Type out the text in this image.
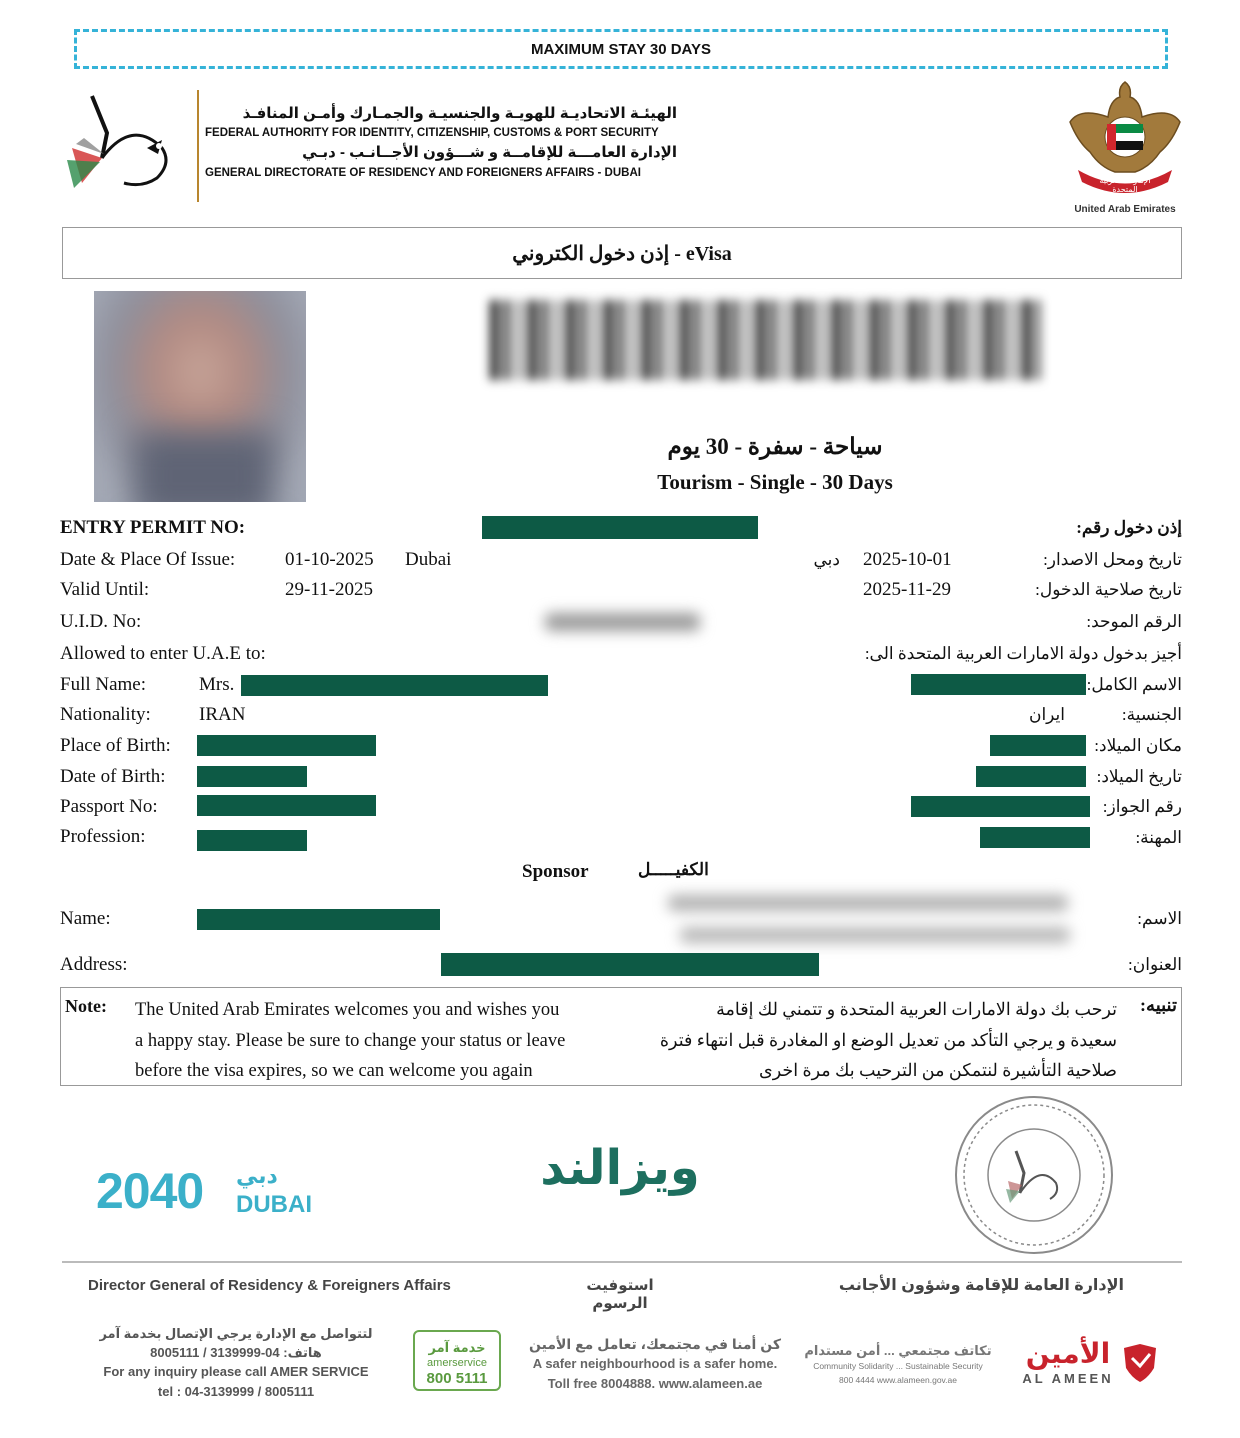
MAXIMUM STAY 30 DAYS
الهيئـة الاتحاديـة للهويـة والجنسيـة والجمـارك وأمـن المنافـذ
FEDERAL AUTHORITY FOR IDENTITY, CITIZENSHIP, CUSTOMS & PORT SECURITY
الإدارة العامـــة للإقامــة و شـــؤون الأجــانـب - دبـي
GENERAL DIRECTORATE OF RESIDENCY AND FOREIGNERS AFFAIRS - DUBAI
الإمارات العربية المتحدة
United Arab Emirates
إذن دخول الكتروني - eVisa
سياحة - سفرة - 30 يوم
Tourism - Single - 30 Days
ENTRY PERMIT NO:	إذن دخول رقم:
Date & Place Of Issue:	01-10-2025 Dubai	دبي 2025-10-01	تاريخ ومحل الاصدار:
Valid Until:	29-11-2025	2025-11-29	تاريخ صلاحية الدخول:
U.I.D. No:	الرقم الموحد:
Allowed to enter U.A.E to:	أجيز بدخول دولة الامارات العربية المتحدة الى:
Full Name:	Mrs.	الاسم الكامل:
Nationality:	IRAN	ايران	الجنسية:
Place of Birth:	مكان الميلاد:
Date of Birth:	تاريخ الميلاد:
Passport No:	رقم الجواز:
Profession:	المهنة:
Sponsor	الكفيـــــل
Name:	الاسم:
Address:	العنوان:
Note: The United Arab Emirates welcomes you and wishes you
a happy stay. Please be sure to change your status or leave
before the visa expires, so we can welcome you again
تنبيه:
ترحب بك دولة الامارات العربية المتحدة و تتمني لك إقامة
سعيدة و يرجي التأكد من تعديل الوضع او المغادرة قبل انتهاء فترة
صلاحية التأشيرة لنتمكن من الترحيب بك مرة اخرى
2040 دبي
DUBAI
ويزالند
Director General of Residency & Foreigners Affairs	استوفيت الرسوم
الإدارة العامة للإقامة وشؤون الأجانب
لتتواصل مع الإدارة يرجي الإتصال بخدمة آمر
هاتف: 04-3139999 / 8005111
For any inquiry please call AMER SERVICE
tel : 04-3139999 / 8005111
خدمة آمر
amerservice
800 5111
كن أمنا في مجتمعك، تعامل مع الأمين
A safer neighbourhood is a safer home.
Toll free 8004888. www.alameen.ae
تكاتف مجتمعي ... أمن مستدام
Community Solidarity ... Sustainable Security
800 4444 www.alameen.gov.ae
الأمين
AL AMEEN
